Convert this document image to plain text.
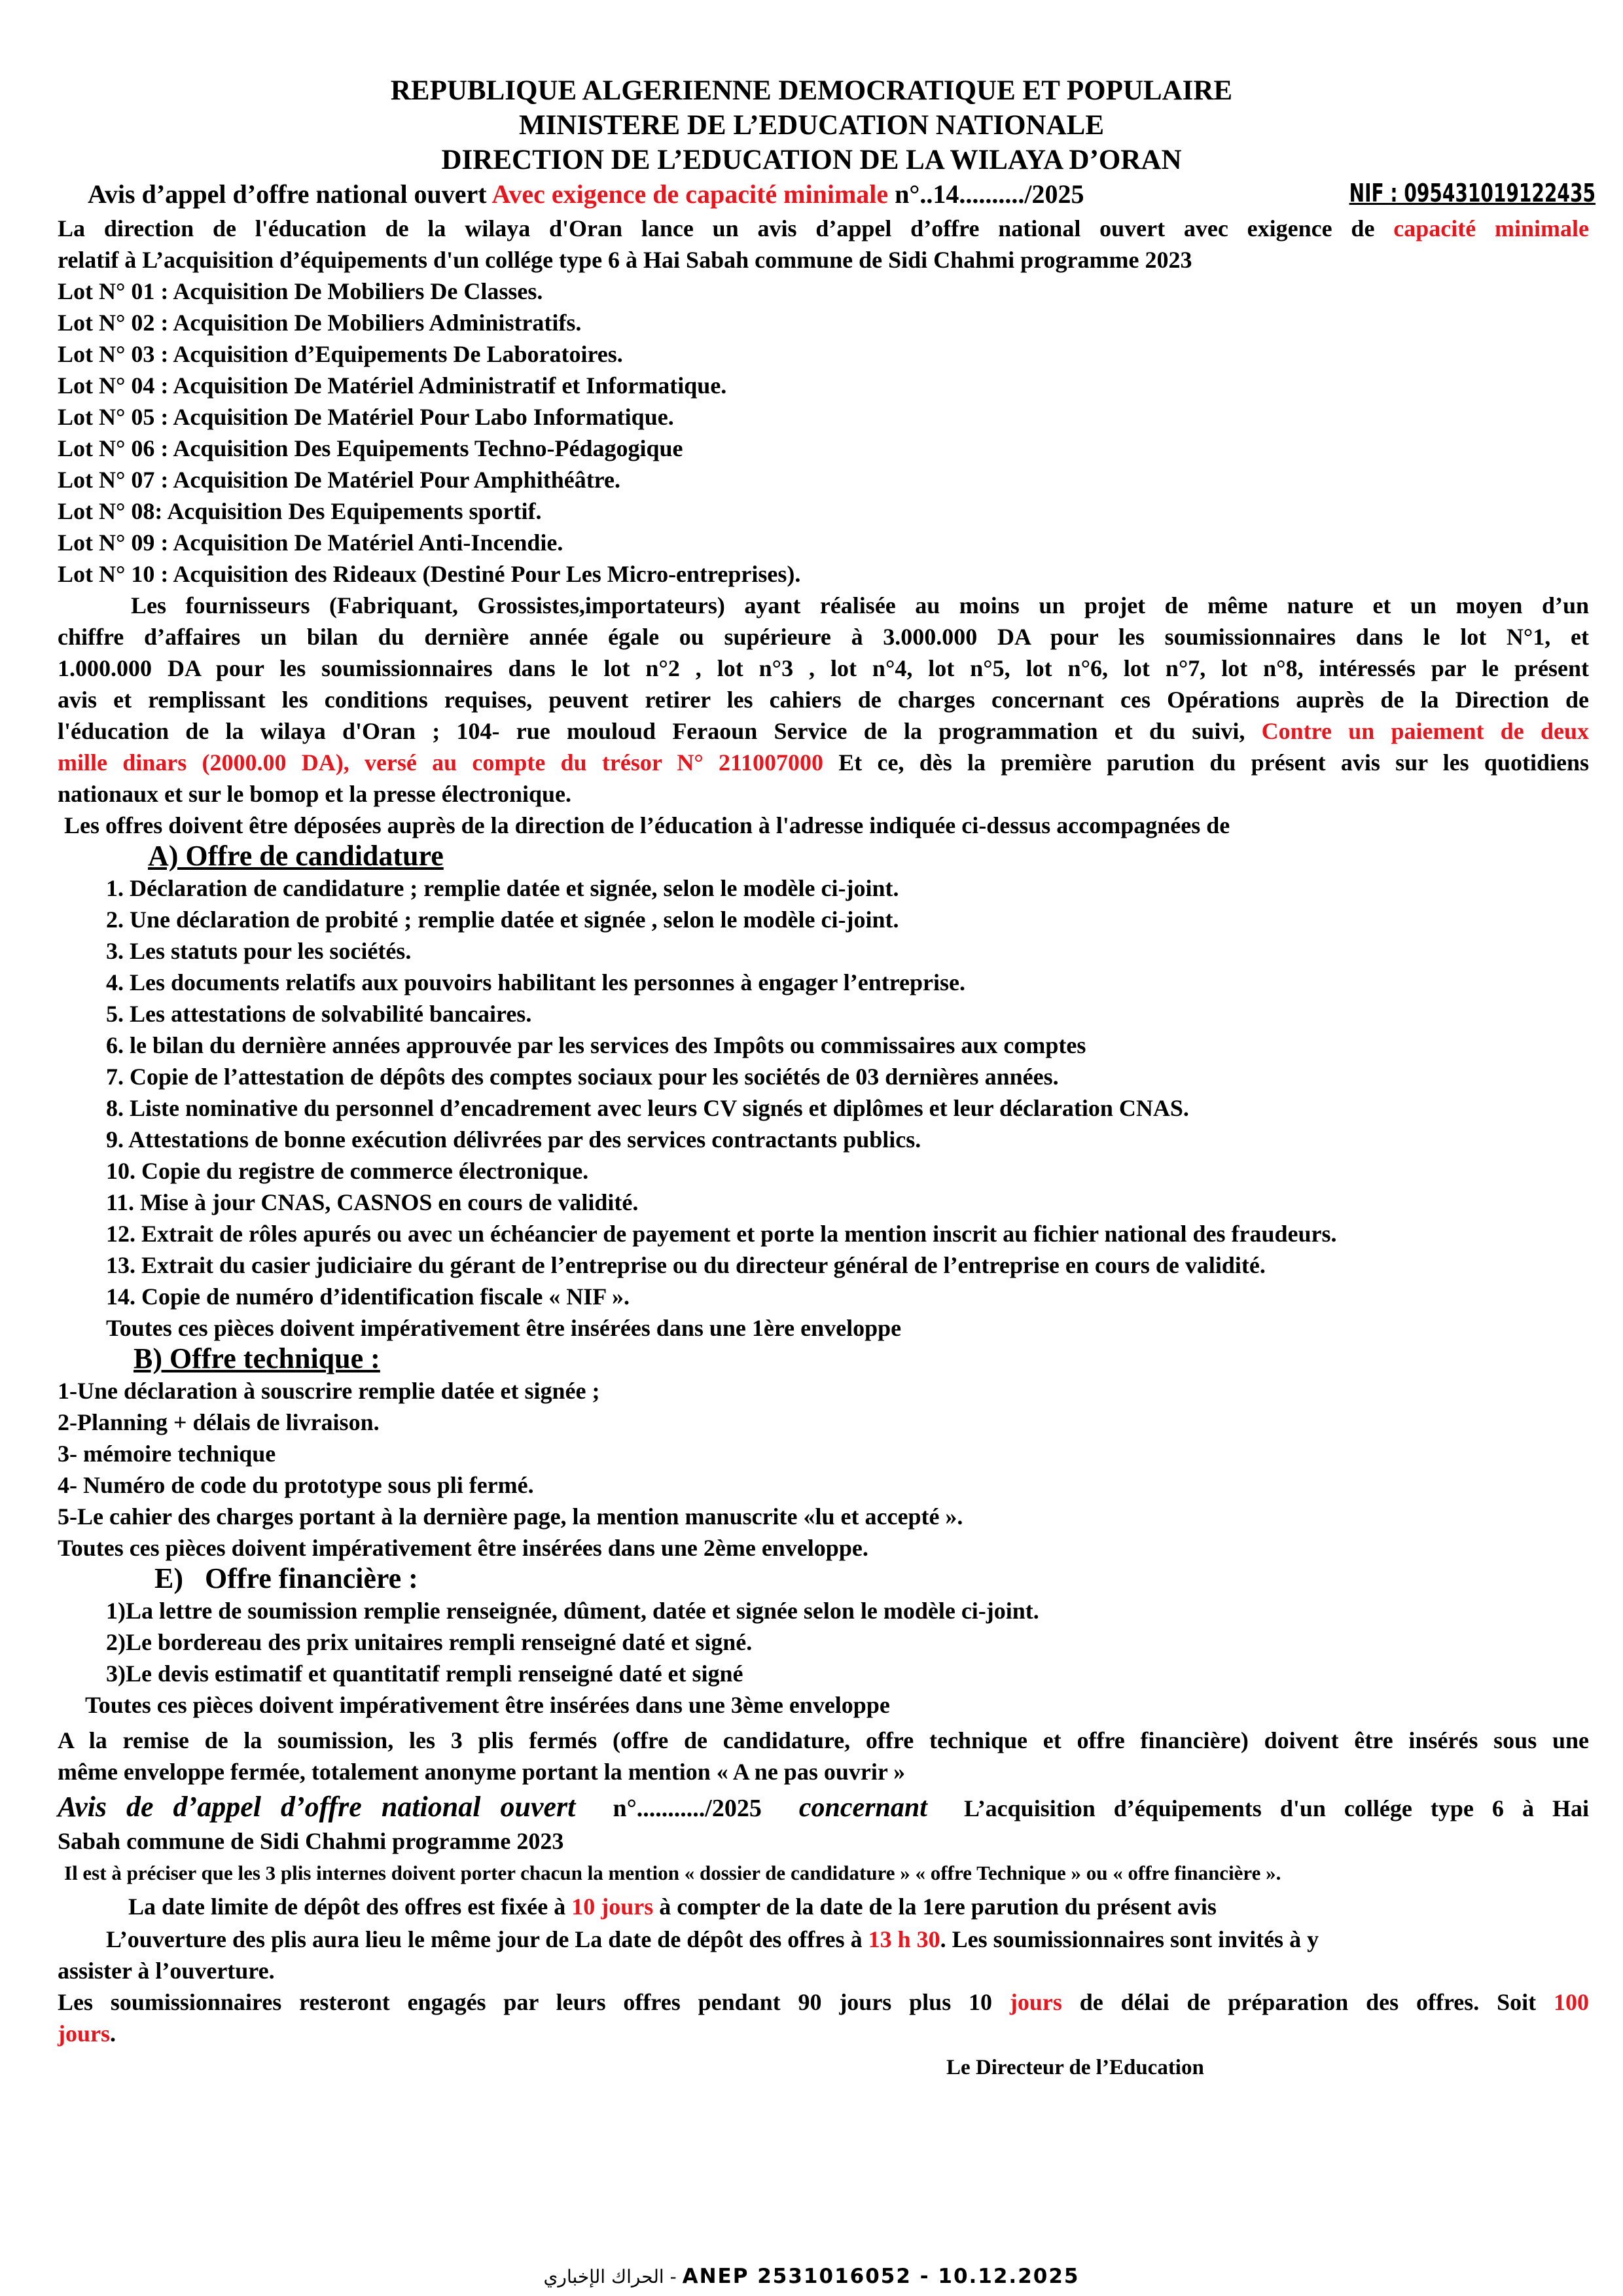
REPUBLIQUE ALGERIENNE DEMOCRATIQUE ET POPULAIRE
MINISTERE DE L’EDUCATION NATIONALE
DIRECTION DE L’EDUCATION DE LA WILAYA D’ORAN
Avis d’appel d’offre national ouvert Avec exigence de capacité minimale n°..14........../2025	NIF : 095431019122435
La direction de l'éducation de la wilaya d'Oran lance un avis d’appel d’offre national ouvert avec exigence de capacité minimale
relatif à L’acquisition d’équipements d'un collége type 6 à Hai Sabah commune de Sidi Chahmi programme 2023
Lot N° 01 : Acquisition De Mobiliers De Classes.
Lot N° 02 : Acquisition De Mobiliers Administratifs.
Lot N° 03 : Acquisition d’Equipements De Laboratoires.
Lot N° 04 : Acquisition De Matériel Administratif et Informatique.
Lot N° 05 : Acquisition De Matériel Pour Labo Informatique.
Lot N° 06 : Acquisition Des Equipements Techno-Pédagogique
Lot N° 07 : Acquisition De Matériel Pour Amphithéâtre.
Lot N° 08: Acquisition Des Equipements sportif.
Lot N° 09 : Acquisition De Matériel Anti-Incendie.
Lot N° 10 : Acquisition des Rideaux (Destiné Pour Les Micro-entreprises).
Les fournisseurs (Fabriquant, Grossistes,importateurs) ayant réalisée au moins un projet de même nature et un moyen d’un
chiffre d’affaires un bilan du dernière année égale ou supérieure à 3.000.000 DA pour les soumissionnaires dans le lot N°1, et
1.000.000 DA pour les soumissionnaires dans le lot n°2 , lot n°3 , lot n°4, lot n°5, lot n°6, lot n°7, lot n°8, intéressés par le présent
avis et remplissant les conditions requises, peuvent retirer les cahiers de charges concernant ces Opérations auprès de la Direction de
l'éducation de la wilaya d'Oran ; 104- rue mouloud Feraoun Service de la programmation et du suivi, Contre un paiement de deux
mille dinars (2000.00 DA), versé au compte du trésor N° 211007000 Et ce, dès la première parution du présent avis sur les quotidiens
nationaux et sur le bomop et la presse électronique.
Les offres doivent être déposées auprès de la direction de l’éducation à l'adresse indiquée ci-dessus accompagnées de
A) Offre de candidature
1. Déclaration de candidature ; remplie datée et signée, selon le modèle ci-joint.
2. Une déclaration de probité ; remplie datée et signée , selon le modèle ci-joint.
3. Les statuts pour les sociétés.
4. Les documents relatifs aux pouvoirs habilitant les personnes à engager l’entreprise.
5. Les attestations de solvabilité bancaires.
6. le bilan du dernière années approuvée par les services des Impôts ou commissaires aux comptes
7. Copie de l’attestation de dépôts des comptes sociaux pour les sociétés de 03 dernières années.
8. Liste nominative du personnel d’encadrement avec leurs CV signés et diplômes et leur déclaration CNAS.
9. Attestations de bonne exécution délivrées par des services contractants publics.
10. Copie du registre de commerce électronique.
11. Mise à jour CNAS, CASNOS en cours de validité.
12. Extrait de rôles apurés ou avec un échéancier de payement et porte la mention inscrit au fichier national des fraudeurs.
13. Extrait du casier judiciaire du gérant de l’entreprise ou du directeur général de l’entreprise en cours de validité.
14. Copie de numéro d’identification fiscale « NIF ».
Toutes ces pièces doivent impérativement être insérées dans une 1ère enveloppe
B) Offre technique :
1-Une déclaration à souscrire remplie datée et signée ;
2-Planning + délais de livraison.
3- mémoire technique
4- Numéro de code du prototype sous pli fermé.
5-Le cahier des charges portant à la dernière page, la mention manuscrite «lu et accepté ».
Toutes ces pièces doivent impérativement être insérées dans une 2ème enveloppe.
E)   Offre financière :
1)La lettre de soumission remplie renseignée, dûment, datée et signée selon le modèle ci-joint.
2)Le bordereau des prix unitaires rempli renseigné daté et signé.
3)Le devis estimatif et quantitatif rempli renseigné daté et signé
Toutes ces pièces doivent impérativement être insérées dans une 3ème enveloppe
A la remise de la soumission, les 3 plis fermés (offre de candidature, offre technique et offre financière) doivent être insérés sous une
même enveloppe fermée, totalement anonyme portant la mention « A ne pas ouvrir »
Avis de d’appel d’offre national ouvert  n°.........../2025  concernant  L’acquisition d’équipements d'un collége type 6 à Hai
Sabah commune de Sidi Chahmi programme 2023
Il est à préciser que les 3 plis internes doivent porter chacun la mention « dossier de candidature » « offre Technique » ou « offre financière ».
La date limite de dépôt des offres est fixée à 10 jours à compter de la date de la 1ere parution du présent avis
L’ouverture des plis aura lieu le même jour de La date de dépôt des offres à 13 h 30. Les soumissionnaires sont invités à y
assister à l’ouverture.
Les soumissionnaires resteront engagés par leurs offres pendant 90 jours plus 10 jours de délai de préparation des offres. Soit 100
jours.
Le Directeur de l’Education
الحراك الإخباري - ANEP 2531016052 - 10.12.2025
